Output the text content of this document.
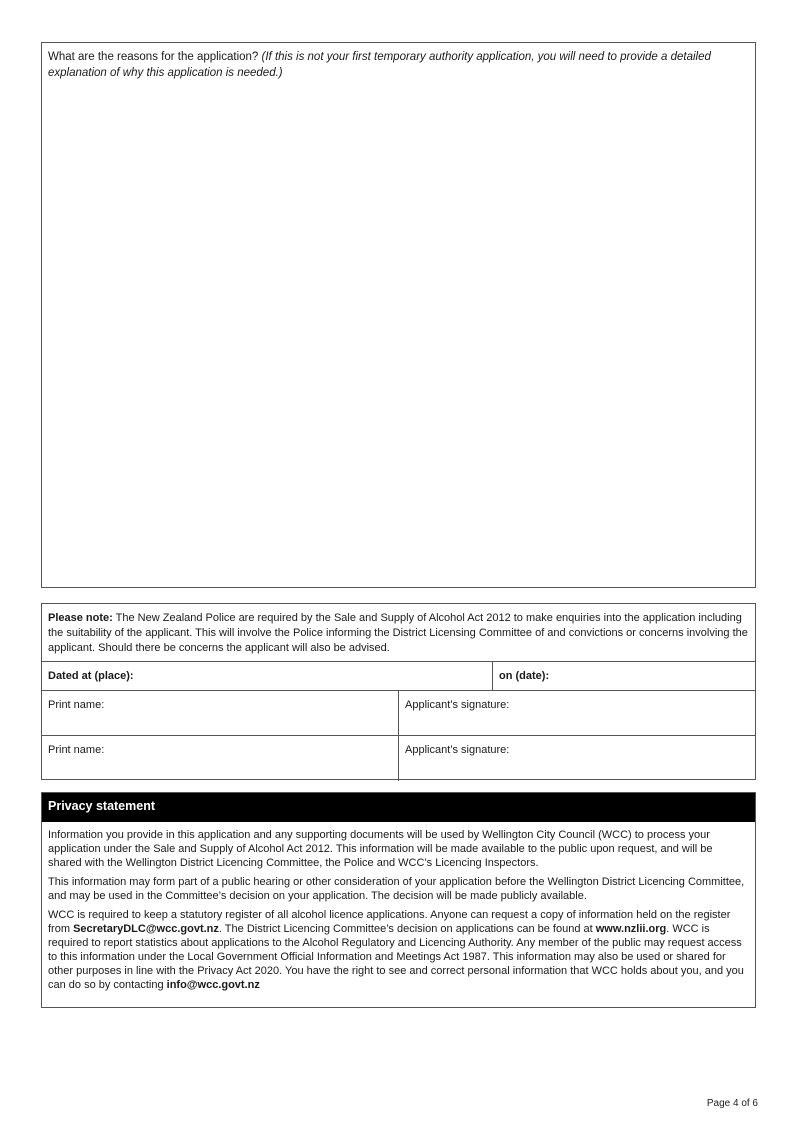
What are the reasons for the application? (If this is not your first temporary authority application, you will need to provide a detailed explanation of why this application is needed.)
Please note: The New Zealand Police are required by the Sale and Supply of Alcohol Act 2012 to make enquiries into the application including the suitability of the applicant. This will involve the Police informing the District Licensing Committee of and convictions or concerns involving the applicant. Should there be concerns the applicant will also be advised.
Dated at (place):	on (date):
Print name:	Applicant’s signature:
Print name:	Applicant’s signature:
Privacy statement

Information you provide in this application and any supporting documents will be used by Wellington City Council (WCC) to process your application under the Sale and Supply of Alcohol Act 2012. This information will be made available to the public upon request, and will be shared with the Wellington District Licencing Committee, the Police and WCC’s Licencing Inspectors.

This information may form part of a public hearing or other consideration of your application before the Wellington District Licencing Committee, and may be used in the Committee’s decision on your application. The decision will be made publicly available.

WCC is required to keep a statutory register of all alcohol licence applications. Anyone can request a copy of information held on the register from SecretaryDLC@wcc.govt.nz. The District Licencing Committee’s decision on applications can be found at www.nzlii.org. WCC is required to report statistics about applications to the Alcohol Regulatory and Licencing Authority. Any member of the public may request access to this information under the Local Government Official Information and Meetings Act 1987. This information may also be used or shared for other purposes in line with the Privacy Act 2020. You have the right to see and correct personal information that WCC holds about you, and you can do so by contacting info@wcc.govt.nz

Page 4 of 6
